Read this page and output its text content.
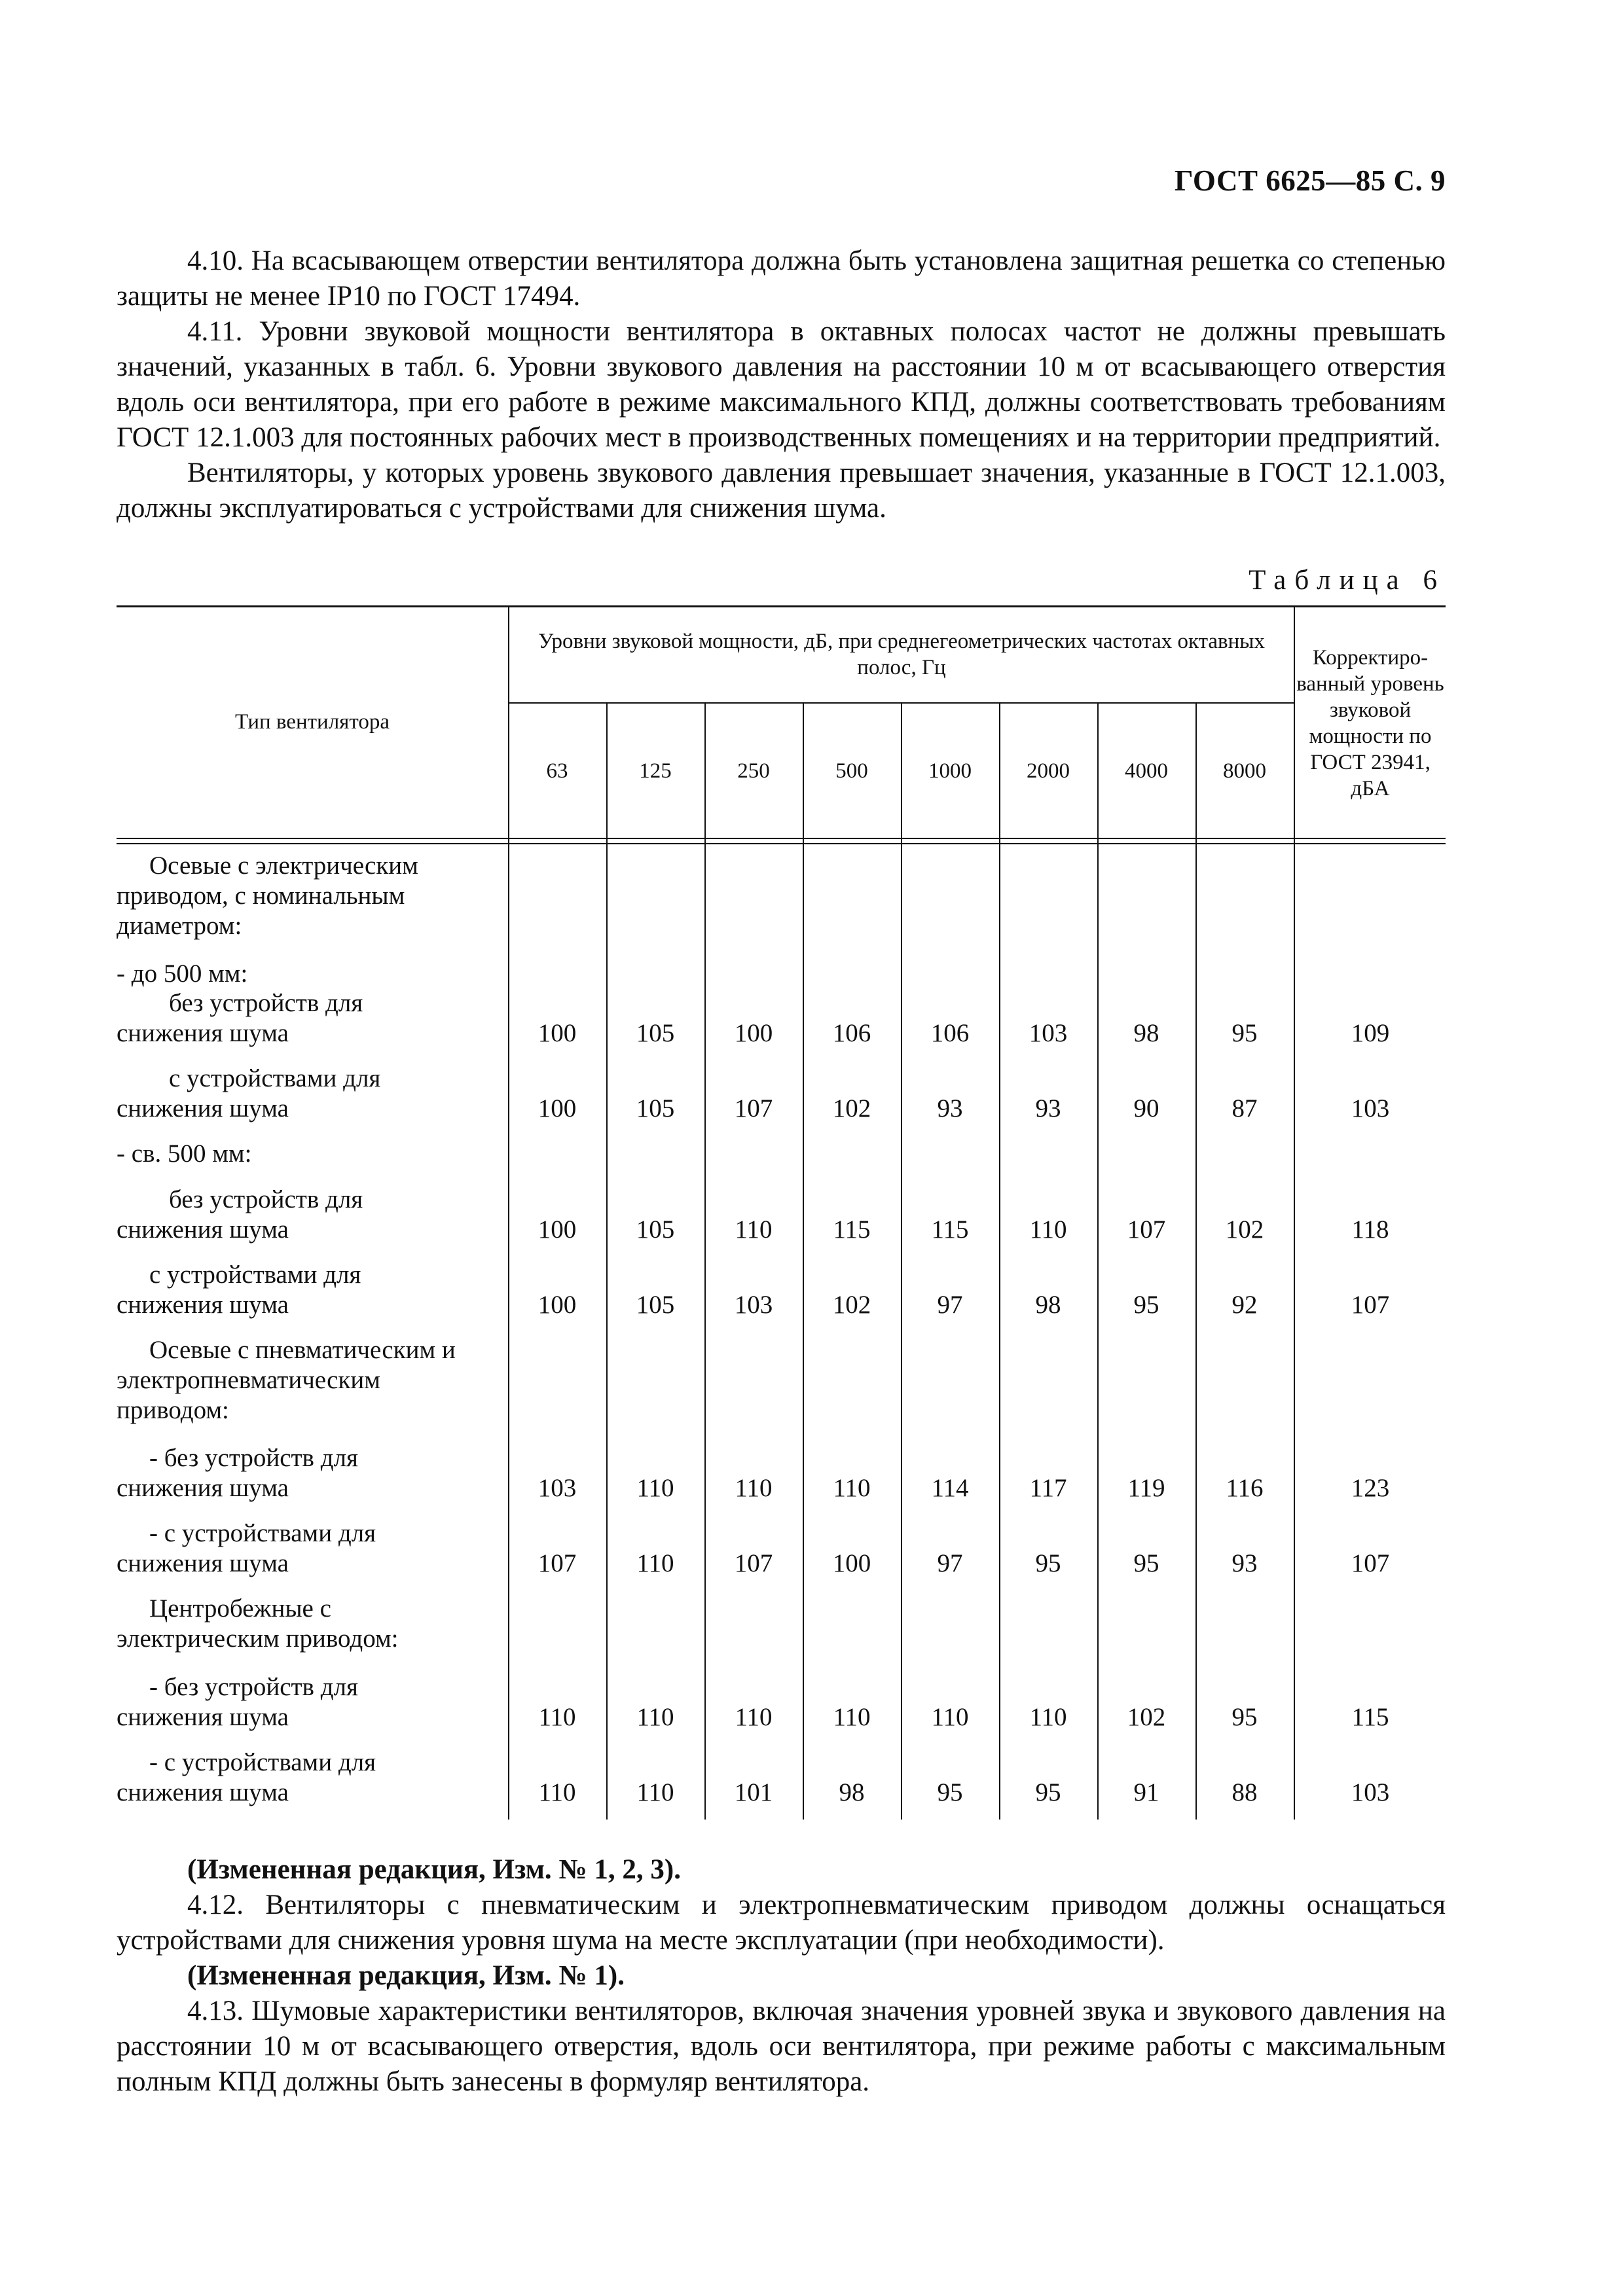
ГОСТ 6625—85 С. 9

4.10. На всасывающем отверстии вентилятора должна быть установлена защитная решетка со степенью защиты не менее IP10 по ГОСТ 17494.

4.11. Уровни звуковой мощности вентилятора в октавных полосах частот не должны превышать значений, указанных в табл. 6. Уровни звукового давления на расстоянии 10 м от всасывающего отверстия вдоль оси вентилятора, при его работе в режиме максимального КПД, должны соответствовать требованиям ГОСТ 12.1.003 для постоянных рабочих мест в производственных помещениях и на территории предприятий.

Вентиляторы, у которых уровень звукового давления превышает значения, указанные в ГОСТ 12.1.003, должны эксплуатироваться с устройствами для снижения шума.

Таблица 6
Тип вентилятора
Уровни звуковой мощности, дБ, при среднегеометрических частотах октавных полос, Гц	Корректиро-ванный уровень звуковой мощности по ГОСТ 23941, дБА
63	125	250	500	1000	2000	4000	8000
Осевые с электрическим приводом, с номинальным диаметром:
- до 500 мм:
без устройств для снижения шума	100	105	100	106	106	103	98	95	109
с устройствами для снижения шума	100	105	107	102	93	93	90	87	103
- св. 500 мм:
без устройств для снижения шума	100	105	110	115	115	110	107	102	118
с устройствами для снижения шума	100	105	103	102	97	98	95	92	107
Осевые с пневматическим и электропневматическим приводом:
- без устройств для снижения шума	103	110	110	110	114	117	119	116	123
- с устройствами для снижения шума	107	110	107	100	97	95	95	93	107
Центробежные с электрическим приводом:
- без устройств для снижения шума	110	110	110	110	110	110	102	95	115
- с устройствами для снижения шума	110	110	101	98	95	95	91	88	103

(Измененная редакция, Изм. № 1, 2, 3).

4.12. Вентиляторы с пневматическим и электропневматическим приводом должны оснащаться устройствами для снижения уровня шума на месте эксплуатации (при необходимости).

(Измененная редакция, Изм. № 1).

4.13. Шумовые характеристики вентиляторов, включая значения уровней звука и звукового давления на расстоянии 10 м от всасывающего отверстия, вдоль оси вентилятора, при режиме работы с максимальным полным КПД должны быть занесены в формуляр вентилятора.
